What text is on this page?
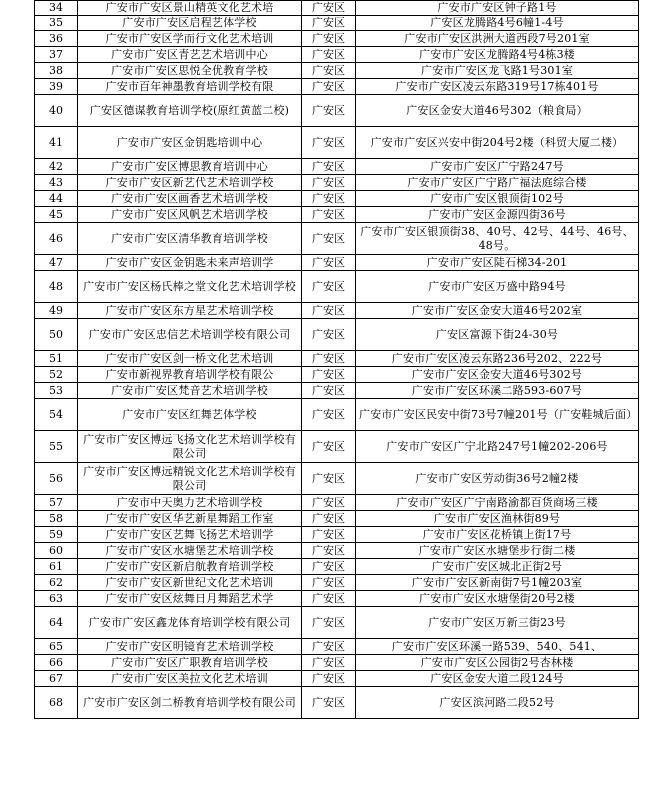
34	广安市广安区景山精英文化艺术培	广安区	广安市广安区钟子路1号
35	广安市广安区启程艺体学校	广安区	广安区龙腾路4号6幢1-4号
36	广安市广安区学而行文化艺术培训	广安区	广安市广安区洪洲大道西段7号201室
37	广安市广安区青艺艺术培训中心	广安区	广安市广安区龙腾路4号4栋3楼
38	广安市广安区思悦全优教育学校	广安区	广安市广安区龙飞路1号301室
39	广安市百年神墨教育培训学校有限	广安区	广安市广安区凌云东路319号17栋401号
40	广安区德谋教育培训学校(原红黄蓝二校)	广安区	广安区金安大道46号302（粮食局）
41	广安市广安区金钥匙培训中心	广安区	广安市广安区兴安中街204号2楼（科贸大厦二楼）
42	广安市广安区博思教育培训中心	广安区	广安市广安区广宁路247号
43	广安市广安区新艺代艺术培训学校	广安区	广安市广安区广宁路广福法庭综合楼
44	广安市广安区画香艺术培训学校	广安区	广安市广安区银顶街102号
45	广安市广安区风帆艺术培训学校	广安区	广安市广安区金源四街36号
46	广安市广安区清华教育培训学校	广安区	广安市广安区银顶街38、40号、42号、44号、46号、48号。
47	广安市广安区金钥匙未来声培训学	广安区	广安市广安区陡石梯34-201
48	广安市广安区杨氏棒之堂文化艺术培训学校	广安区	广安市广安区万盛中路94号
49	广安市广安区东方星艺术培训学校	广安区	广安市广安区金安大道46号202室
50	广安市广安区忠信艺术培训学校有限公司	广安区	广安区富源下街24-30号
51	广安市广安区剑一桥文化艺术培训	广安区	广安市广安区凌云东路236号202、222号
52	广安市新视界教育培训学校有限公	广安区	广安市广安区金安大道46号302号
53	广安市广安区梵音艺术培训学校	广安区	广安市广安区环溪二路593-607号
54	广安市广安区红舞艺体学校	广安区	广安市广安区民安中街73号7幢201号（广安鞋城后面）
55	广安市广安区博远飞扬文化艺术培训学校有限公司	广安区	广安市广安区广宁北路247号1幢202-206号
56	广安市广安区博远精锐文化艺术培训学校有限公司	广安区	广安市广安区劳动街36号2幢2楼
57	广安市中天奥力艺术培训学校	广安区	广安市广安区广宁南路渝都百货商场三楼
58	广安市广安区华艺新星舞蹈工作室	广安区	广安市广安区渔林街89号
59	广安市广安区艺舞飞扬艺术培训学	广安区	广安市广安区花桥镇上街17号
60	广安市广安区水塘堡艺术培训学校	广安区	广安市广安区水塘堡步行街二楼
61	广安市广安区新启航教育培训学校	广安区	广安市广安区城北正街2号
62	广安市广安区新世纪文化艺术培训	广安区	广安市广安区新南街7号1幢203室
63	广安市广安区炫舞日月舞蹈艺术学	广安区	广安市广安区水塘堡街20号2楼
64	广安市广安区鑫龙体育培训学校有限公司	广安区	广安市广安区万新三街23号
65	广安市广安区明镜育艺术培训学校	广安区	广安市广安区环溪一路539、540、541、
66	广安市广安区广职教育培训学校	广安区	广安市广安区公园街2号杏林楼
67	广安市广安区美拉文化艺术培训	广安区	广安区金安大道二段124号
68	广安市广安区剑二桥教育培训学校有限公司	广安区	广安区滨河路二段52号
